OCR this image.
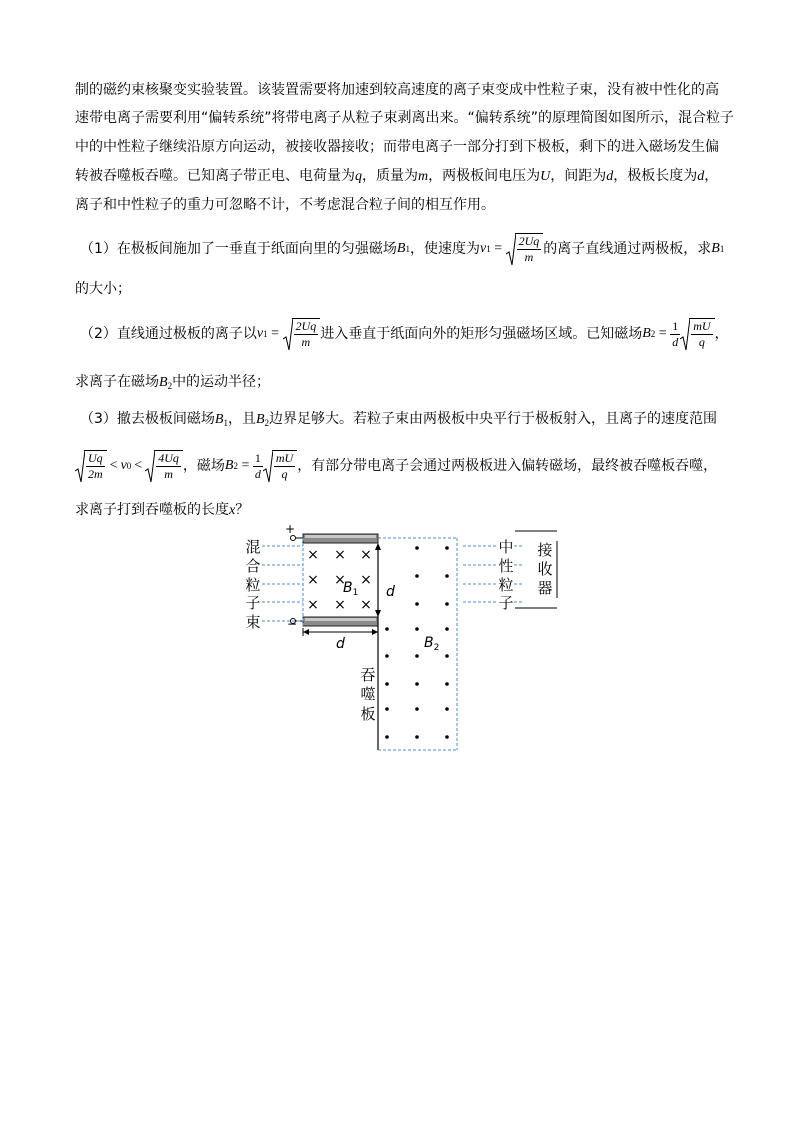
制的磁约束核聚变实验装置。该装置需要将加速到较高速度的离子束变成中性粒子束，没有被中性化的高
速带电离子需要利用“偏转系统”将带电离子从粒子束剥离出来。“偏转系统”的原理简图如图所示，混合粒子
中的中性粒子继续沿原方向运动，被接收器接收；而带电离子一部分打到下极板，剩下的进入磁场发生偏
转被吞噬板吞噬。已知离子带正电、电荷量为q，质量为m，两极板间电压为U，间距为d，极板长度为d，
离子和中性粒子的重力可忽略不计，不考虑混合粒子间的相互作用。
（1）在极板间施加了一垂直于纸面向里的匀强磁场 B 1 ，使速度为 v $1 = \frac{2Uq}{m}$ 的离子直线通过两极板，求 B 1
的大小；
（2）直线通过极板的离子以 v $1 = \frac{2Uq}{m}$ 进入垂直于纸面向外的矩形匀强磁场区域。已知磁场 B $2 = \frac{1}{d} \frac{mU}{q}$ ，
求离子在磁场$B_2$中的运动半径；
（3）撤去极板间磁场$B_1$，且$B_2$边界足够大。若粒子束由两极板中央平行于极板射入，且离子的速度范围
$\frac{Uq}{2m} < v$ $0 < \frac{4Uq}{m}$ ，磁场 B $2 = \frac{1}{d} \frac{mU}{q}$ ，有部分带电离子会通过两极板进入偏转磁场，最终被吞噬板吞噬，
求离子打到吞噬板的长度x？
+
−
d
× × ×
×	×
× × ×
×
$B_1$
$B_2$
d
混
合
粒
子
束
中
性
粒
子
接
收
器
吞
噬
板
